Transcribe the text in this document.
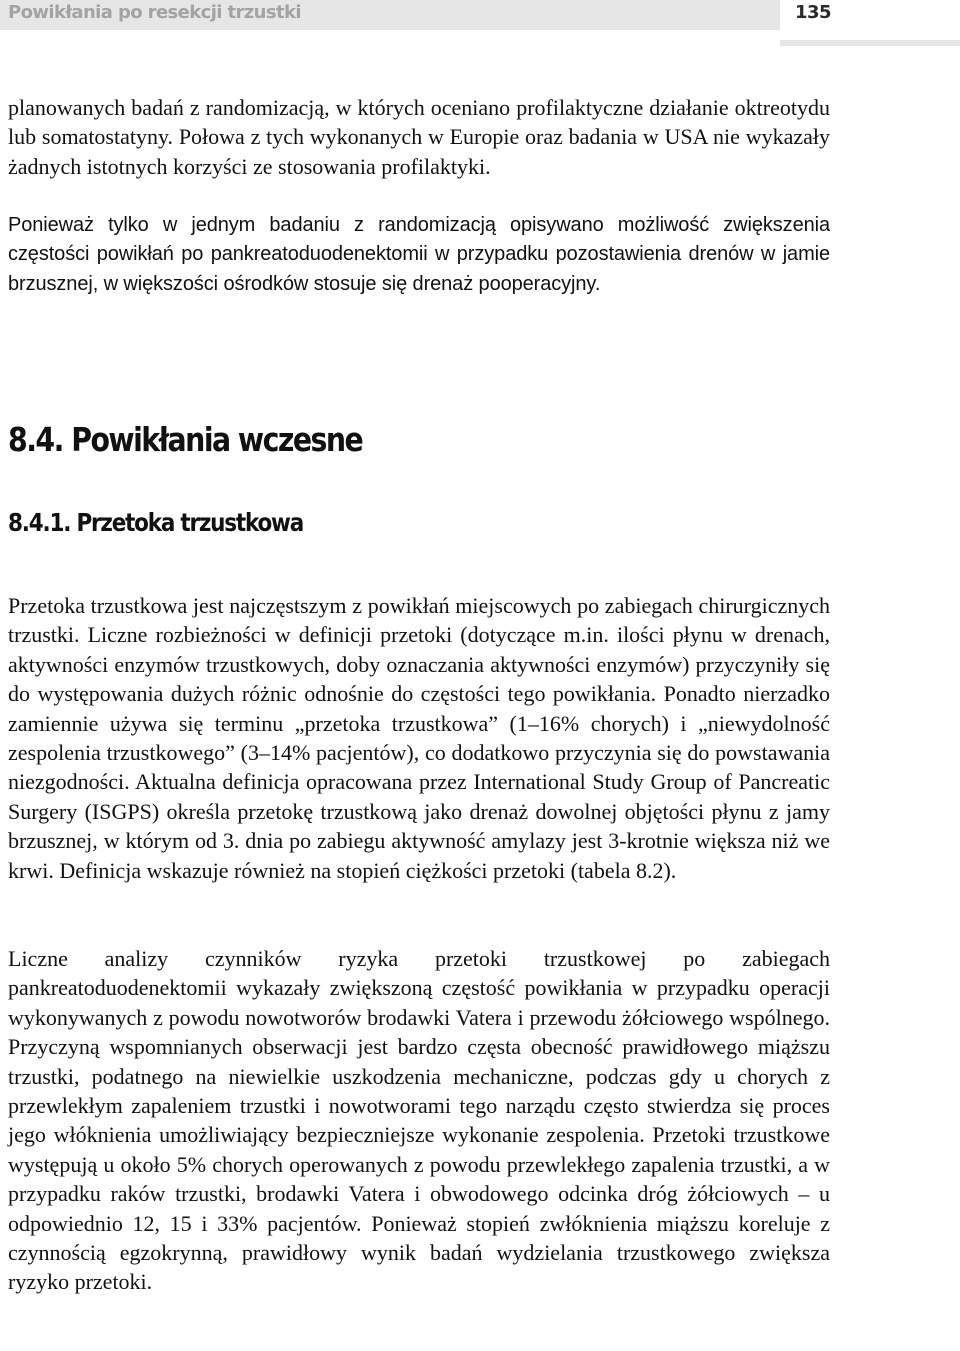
Powikłania po resekcji trzustki	135

planowanych badań z randomizacją, w których oceniano profilaktyczne działanie oktreotydu lub somatostatyny. Połowa z tych wykonanych w Europie oraz badania w USA nie wykazały żadnych istotnych korzyści ze stosowania profilaktyki.

Ponieważ tylko w jednym badaniu z randomizacją opisywano możliwość zwiększenia częstości powikłań po pankreatoduodenektomii w przypadku pozostawienia drenów w jamie brzusznej, w większości ośrodków stosuje się drenaż pooperacyjny.

8.4. Powikłania wczesne
8.4.1. Przetoka trzustkowa

Przetoka trzustkowa jest najczęstszym z powikłań miejscowych po zabiegach chirurgicznych trzustki. Liczne rozbieżności w definicji przetoki (dotyczące m.in. ilości płynu w drenach, aktywności enzymów trzustkowych, doby oznaczania aktywności enzymów) przyczyniły się do występowania dużych różnic odnośnie do częstości tego powikłania. Ponadto nierzadko zamiennie używa się terminu „przetoka trzustkowa” (1–16% chorych) i „niewydolność zespolenia trzustkowego” (3–14% pacjentów), co dodatkowo przyczynia się do powstawania niezgodności. Aktualna definicja opracowana przez International Study Group of Pancreatic Surgery (ISGPS) określa przetokę trzustkową jako drenaż dowolnej objętości płynu z jamy brzusznej, w którym od 3. dnia po zabiegu aktywność amylazy jest 3-krotnie większa niż we krwi. Definicja wskazuje również na stopień ciężkości przetoki (tabela 8.2).

Liczne analizy czynników ryzyka przetoki trzustkowej po zabiegach pankreatoduodenektomii wykazały zwiększoną częstość powikłania w przypadku operacji wykonywanych z powodu nowotworów brodawki Vatera i przewodu żółciowego wspólnego. Przyczyną wspomnianych obserwacji jest bardzo częsta obecność prawidłowego miąższu trzustki, podatnego na niewielkie uszkodzenia mechaniczne, podczas gdy u chorych z przewlekłym zapaleniem trzustki i nowotworami tego narządu często stwierdza się proces jego włóknienia umożliwiający bezpieczniejsze wykonanie zespolenia. Przetoki trzustkowe występują u około 5% chorych operowanych z powodu przewlekłego zapalenia trzustki, a w przypadku raków trzustki, brodawki Vatera i obwodowego odcinka dróg żółciowych – u odpowiednio 12, 15 i 33% pacjentów. Ponieważ stopień zwłóknienia miąższu koreluje z czynnością egzokrynną, prawidłowy wynik badań wydzielania trzustkowego zwiększa ryzyko przetoki.
